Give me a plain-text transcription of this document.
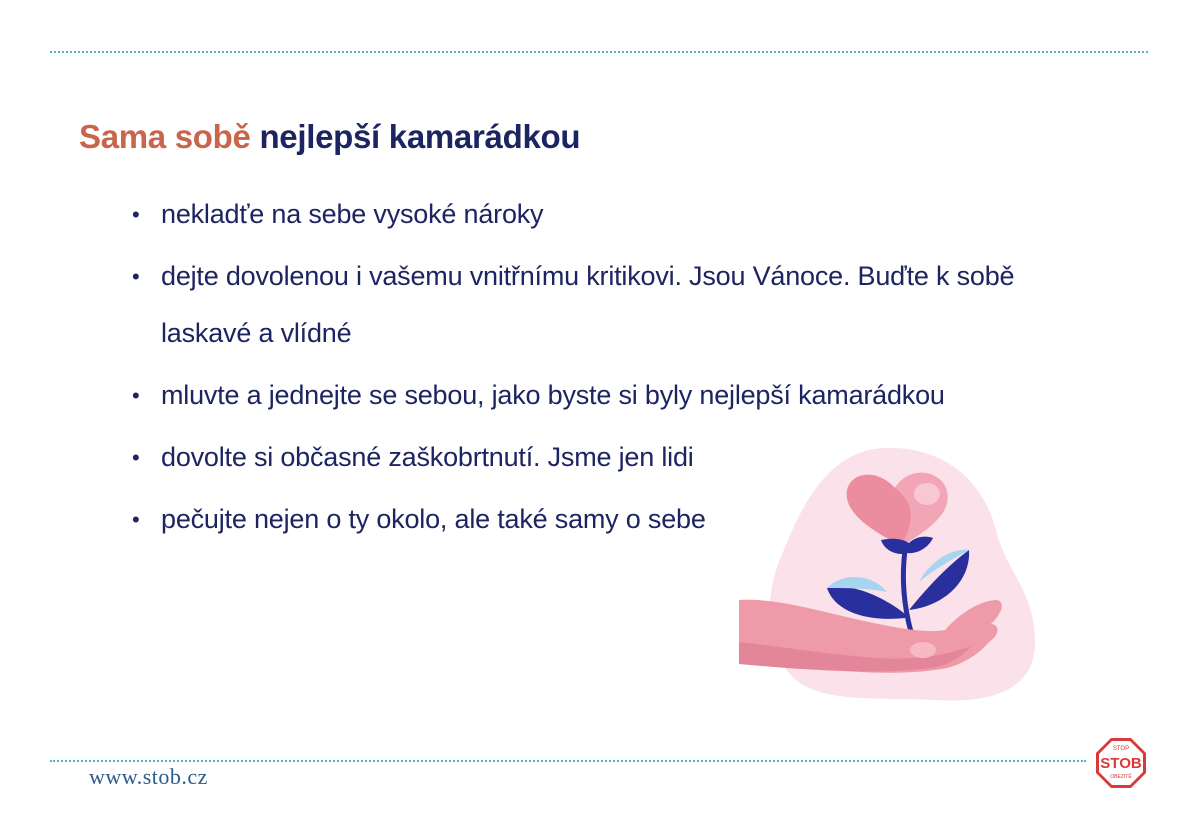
Sama sobě nejlepší kamarádkou
• nekladťe na sebe vysoké nároky
• dejte dovolenou i vašemu vnitřnímu kritikovi. Jsou Vánoce. Buďte k sobě laskavé a vlídné
• mluvte a jednejte se sebou, jako byste si byly nejlepší kamarádkou
• dovolte si občasné zaškobrtnutí. Jsme jen lidi
• pečujte nejen o ty okolo, ale také samy o sebe
www.stob.cz
STOP
STOB
OBEZITĚ
